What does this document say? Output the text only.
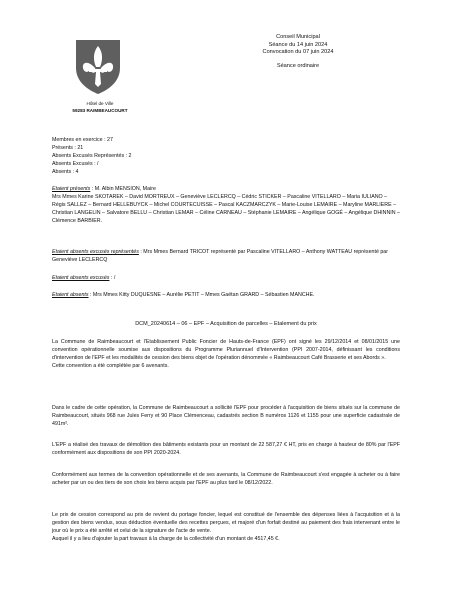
Hôtel de Ville
59283 RAIMBEAUCOURT
Conseil Municipal
Séance du 14 juin 2024
Convocation du 07 juin 2024
Séance ordinaire
Membres en exercice : 27
Présents : 21
Absents Excusés Représentés : 2
Absents Excusés : /
Absents : 4
Etaient présents : M. Albin MENSION, Maire
Mrs Mmes Karine SKOTAREK – David MORTREUX – Geneviève LECLERCQ – Cédric STICKER – Pascaline VITELLARO – Maria IULIANO – Régis SALLEZ – Bernard HELLEBUYCK – Michel COURTECUISSE – Pascal KACZMARCZYK – Marie-Louise LEMAIRE – Maryline MARLIERE – Christian LANGELIN – Salvatore BELLU – Christian LEMAR – Céline CARNEAU – Stéphanie LEMAIRE – Angélique GOGÉ – Angélique DHINNIN – Clémence BARBIER.
Etaient absents excusés représentés : Mrs Mmes Bernard TRICOT représenté par Pascaline VITELLARO – Anthony WATTEAU représenté par Geneviève LECLERCQ
Etaient absents excusés : /
Etaient absents : Mrs Mmes Kitty DUQUESNE – Aurélie PETIT – Mmes Gaëtan GRARD – Sébastien MANCHE.
DCM_20240614 – 06 – EPF – Acquisition de parcelles – Etalement du prix
La Commune de Raimbeaucourt et l'Etablissement Public Foncier de Hauts-de-France (EPF) ont signé les 29/12/2014 et 08/01/2015 une convention opérationnelle soumise aux dispositions du Programme Pluriannuel d'Intervention (PPI 2007-2014, définissant les conditions d'intervention de l'EPF et les modalités de cession des biens objet de l'opération dénommée « Raimbeaucourt Café Brasserie et ses Abords ».
Cette convention a été complétée par 6 avenants.
Dans le cadre de cette opération, la Commune de Raimbeaucourt a sollicité l'EPF pour procéder à l'acquisition de biens situés sur la commune de Raimbeaucourt, situés 968 rue Jules Ferry et 90 Place Clémenceau, cadastrés section B numéros 1126 et 1155 pour une superficie cadastrale de 491m².
L'EPF a réalisé des travaux de démolition des bâtiments existants pour un montant de 22 587,27 € HT, pris en charge à hauteur de 80% par l'EPF conformément aux dispositions de son PPI 2020-2024.
Conformément aux termes de la convention opérationnelle et de ses avenants, la Commune de Raimbeaucourt s'est engagée à acheter ou à faire acheter par un ou des tiers de son choix les biens acquis par l'EPF au plus tard le 08/12/2022.
Le prix de cession correspond au prix de revient du portage foncier, lequel est constitué de l'ensemble des dépenses liées à l'acquisition et à la gestion des biens vendus, sous déduction éventuelle des recettes perçues, et majoré d'un forfait destiné au paiement des frais intervenant entre le jour où le prix a été arrêté et celui de la signature de l'acte de vente.
Auquel il y a lieu d'ajouter la part travaux à la charge de la collectivité d'un montant de 4517,45 €.
